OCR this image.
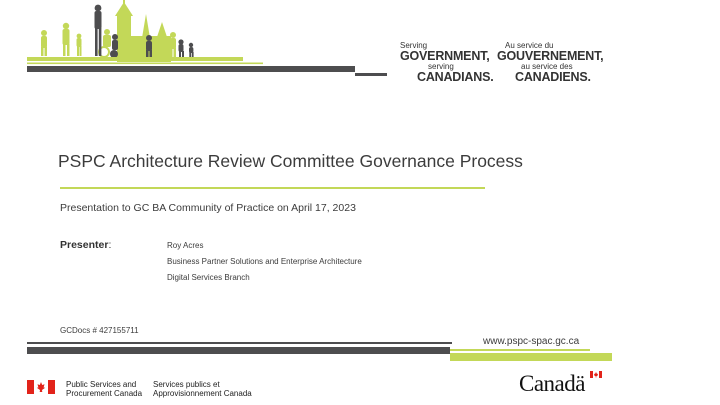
Serving
GOVERNMENT,
serving
CANADIANS.
Au service du
GOUVERNEMENT,
au service des
CANADIENS.
PSPC Architecture Review Committee Governance Process
Presentation to GC BA Community of Practice on April 17, 2023
Presenter:	Roy Acres
Business Partner Solutions and Enterprise Architecture
Digital Services Branch
GCDocs # 427155711
www.pspc-spac.gc.ca
Public Services and
Procurement Canada
Services publics et
Approvisionnement Canada	Canadä
